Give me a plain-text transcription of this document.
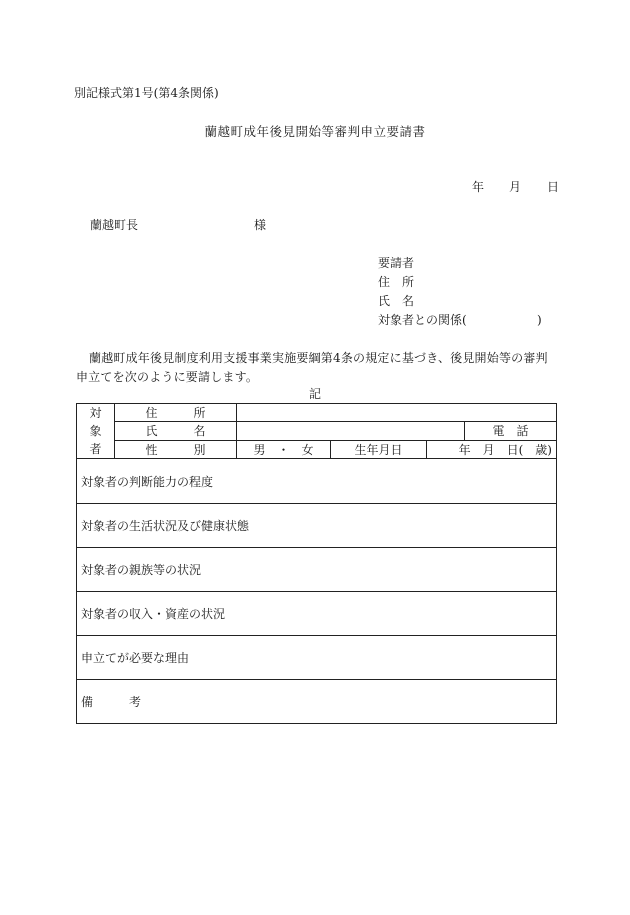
別記様式第1号(第4条関係)
蘭越町成年後見開始等審判申立要請書
年 月 日
蘭越町長	様
要請者
住　所
氏　名
対象者との関係(	)
蘭越町成年後見制度利用支援事業実施要綱第4条の規定に基づき、後見開始等の審判申立てを次のように要請します。
記
対
象
者	住　　　所					
	氏　　　名				電　話	
	性　　　別	男　・　女	生年月日	年　月　日(　歳)		
対象者の判断能力の程度						
対象者の生活状況及び健康状態						
対象者の親族等の状況						
対象者の収入・資産の状況						
申立てが必要な理由						
備　　　考						
